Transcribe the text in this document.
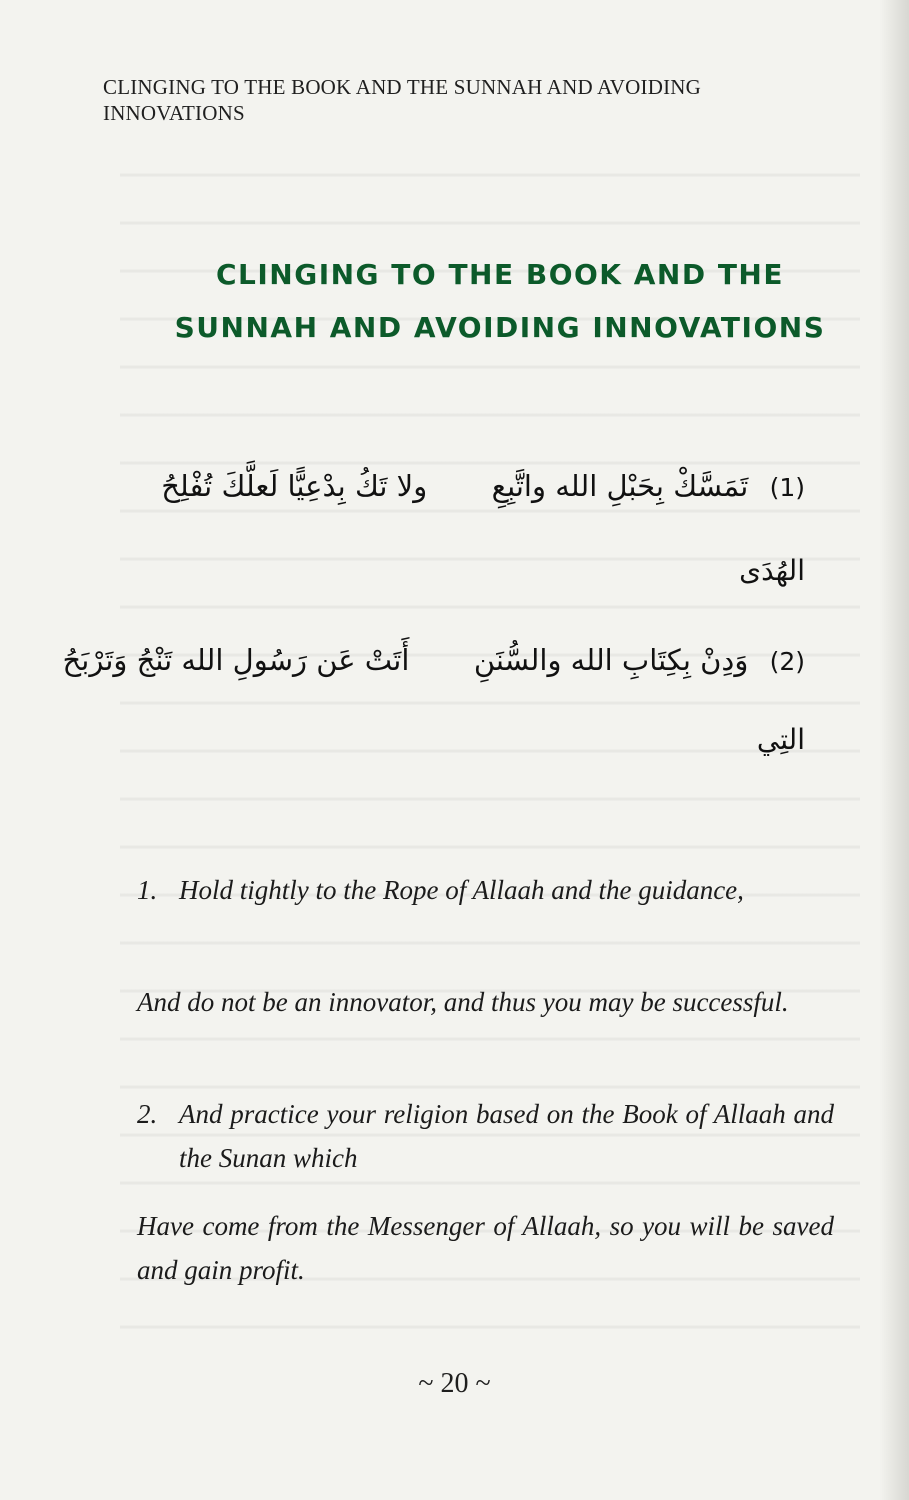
CLINGING TO THE BOOK AND THE SUNNAH AND AVOIDING INNOVATIONS
CLINGING TO THE BOOK AND THE
SUNNAH AND AVOIDING INNOVATIONS
(1) تَمَسَّكْ بِحَبْلِ الله واتَّبِعِ  ولا تَكُ بِدْعِيًّا لَعلَّكَ تُفْلِحُ
الهُدَى
(2) وَدِنْ بِكِتَابِ الله والسُّنَنِ  أَتَتْ عَن رَسُولِ الله تَنْجُ وَتَرْبَحُ
التِي
1. Hold tightly to the Rope of Allaah and the guidance,
And do not be an innovator, and thus you may be successful.
2. And practice your religion based on the Book of Allaah and the Sunan which
Have come from the Messenger of Allaah, so you will be saved and gain profit.
~ 20 ~
